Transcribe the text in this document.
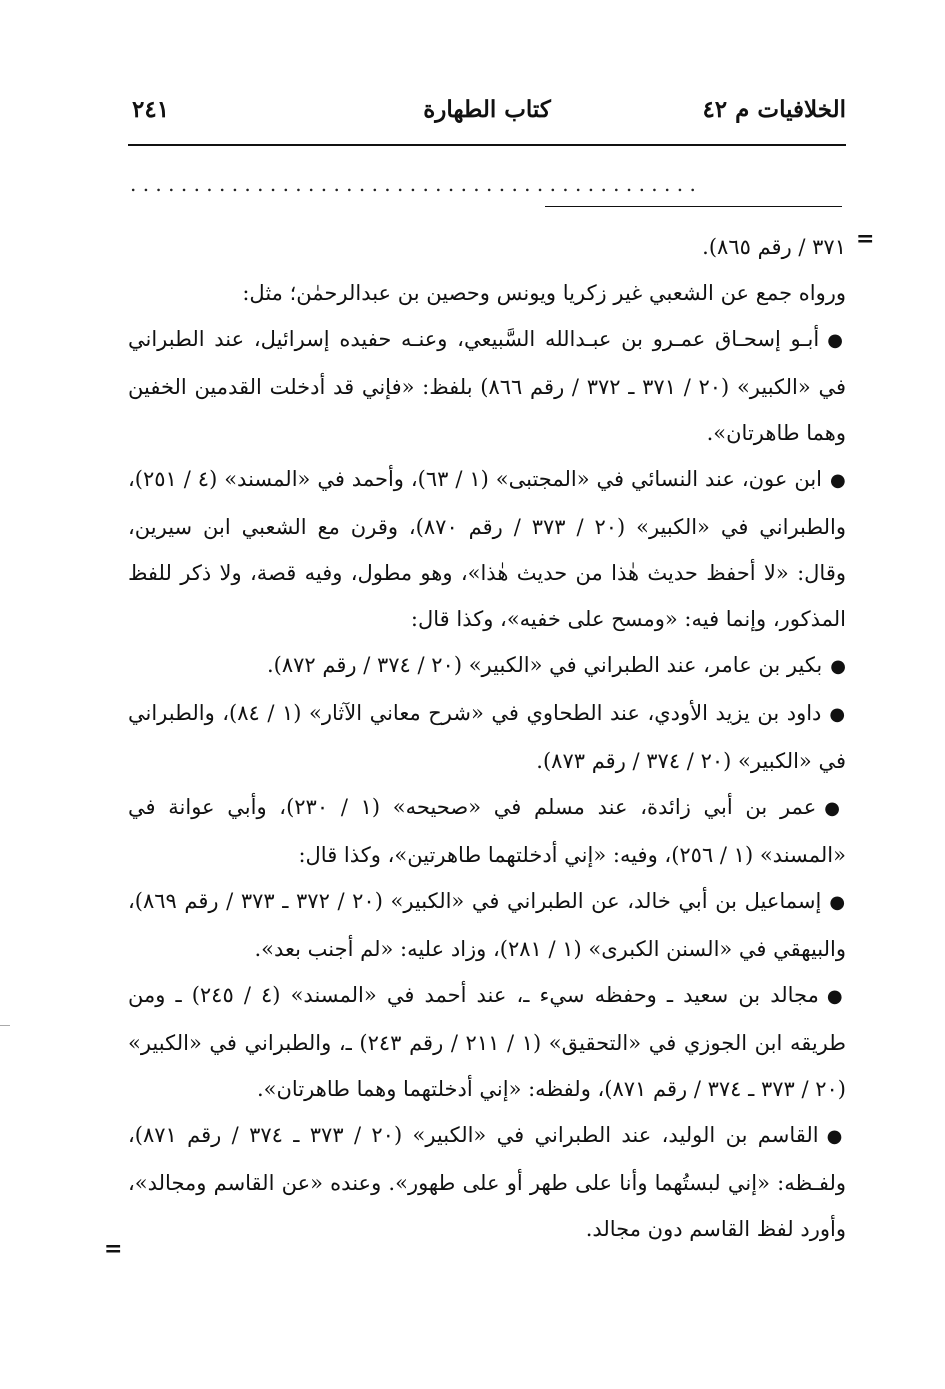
الخلافيات م ٤٢
كتاب الطهارة
٢٤١
. . . . . . . . . . . . . . . . . . . . . . . . . . . . . . . . . . . . . . . . . . . . .
=

٣٧١ / رقم ٨٦٥).

ورواه جمع عن الشعبي غير زكريا ويونس وحصين بن عبدالرحمٰن؛ مثل:

●أبـو إسحـاق عمـرو بن عبـدالله السَّبيعي، وعنـه حفيده إسرائيل، عند الطبراني في «الكبير» (٢٠ / ٣٧١ ـ ٣٧٢ / رقم ٨٦٦) بلفظ: «فإني قد أدخلت القدمين الخفين وهما طاهرتان».

●ابن عون، عند النسائي في «المجتبى» (١ / ٦٣)، وأحمد في «المسند» (٤ / ٢٥١)، والطبراني في «الكبير» (٢٠ / ٣٧٣ / رقم ٨٧٠)، وقرن مع الشعبي ابن سيرين، وقال: «لا أحفظ حديث هٰذا من حديث هٰذا»، وهو مطول، وفيه قصة، ولا ذكر للفظ المذكور، وإنما فيه: «ومسح على خفيه»، وكذا قال:

●بكير بن عامر، عند الطبراني في «الكبير» (٢٠ / ٣٧٤ / رقم ٨٧٢).

●داود بن يزيد الأودي، عند الطحاوي في «شرح معاني الآثار» (١ / ٨٤)، والطبراني في «الكبير» (٢٠ / ٣٧٤ / رقم ٨٧٣).

●عمر بن أبي زائدة، عند مسلم في «صحيحه» (١ / ٢٣٠)، وأبي عوانة في «المسند» (١ / ٢٥٦)، وفيه: «إني أدخلتهما طاهرتين»، وكذا قال:

●إسماعيل بن أبي خالد، عن الطبراني في «الكبير» (٢٠ / ٣٧٢ ـ ٣٧٣ / رقم ٨٦٩)، والبيهقي في «السنن الكبرى» (١ / ٢٨١)، وزاد عليه: «لم أجنب بعد».

●مجالد بن سعيد ـ وحفظه سيء ـ، عند أحمد في «المسند» (٤ / ٢٤٥) ـ ومن طريقه ابن الجوزي في «التحقيق» (١ / ٢١١ / رقم ٢٤٣) ـ، والطبراني في «الكبير» (٢٠ / ٣٧٣ ـ ٣٧٤ / رقم ٨٧١)، ولفظه: «إني أدخلتهما وهما طاهرتان».

●القاسم بن الوليد، عند الطبراني في «الكبير» (٢٠ / ٣٧٣ ـ ٣٧٤ / رقم ٨٧١)، ولفـظه: «إني لبستُهما وأنا على طهر أو على طهور». وعنده «عن القاسم ومجالد»، وأورد لفظ القاسم دون مجالد.

=
